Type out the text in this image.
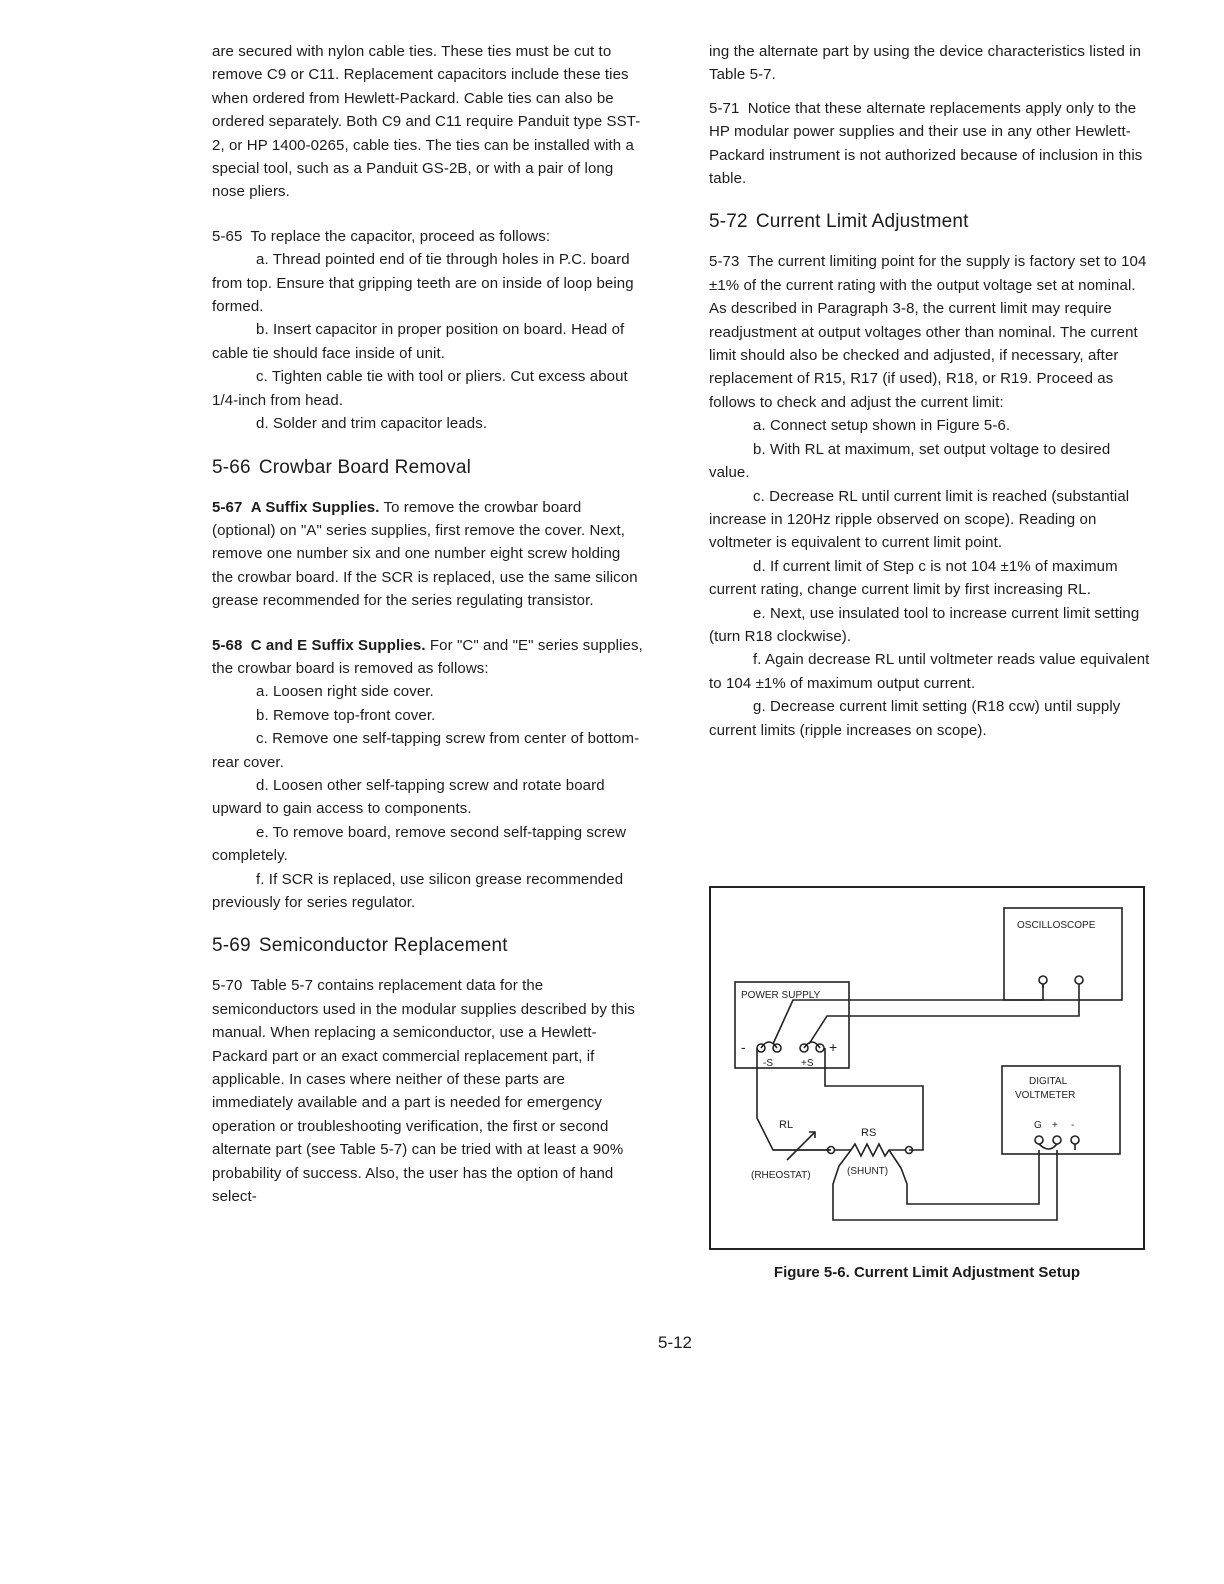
are secured with nylon cable ties. These ties must be cut to remove C9 or C11. Replacement capacitors include these ties when ordered from Hewlett-Packard. Cable ties can also be ordered separately. Both C9 and C11 require Panduit type SST-2, or HP 1400-0265, cable ties. The ties can be installed with a special tool, such as a Panduit GS-2B, or with a pair of long nose pliers.

5-65 To replace the capacitor, proceed as follows:

a. Thread pointed end of tie through holes in P.C. board from top. Ensure that gripping teeth are on inside of loop being formed.

b. Insert capacitor in proper position on board. Head of cable tie should face inside of unit.

c. Tighten cable tie with tool or pliers. Cut excess about 1/4-inch from head.

d. Solder and trim capacitor leads.

5-66 Crowbar Board Removal

5-67 A Suffix Supplies. To remove the crowbar board (optional) on "A" series supplies, first remove the cover. Next, remove one number six and one number eight screw holding the crowbar board. If the SCR is replaced, use the same silicon grease recommended for the series regulating transistor.

5-68 C and E Suffix Supplies. For "C" and "E" series supplies, the crowbar board is removed as follows:

a. Loosen right side cover.

b. Remove top-front cover.

c. Remove one self-tapping screw from center of bottom-rear cover.

d. Loosen other self-tapping screw and rotate board upward to gain access to components.

e. To remove board, remove second self-tapping screw completely.

f. If SCR is replaced, use silicon grease recommended previously for series regulator.

5-69 Semiconductor Replacement

5-70 Table 5-7 contains replacement data for the semiconductors used in the modular supplies described by this manual. When replacing a semiconductor, use a Hewlett-Packard part or an exact commercial replacement part, if applicable. In cases where neither of these parts are immediately available and a part is needed for emergency operation or troubleshooting verification, the first or second alternate part (see Table 5-7) can be tried with at least a 90% probability of success. Also, the user has the option of hand select-

ing the alternate part by using the device characteristics listed in Table 5-7.

5-71 Notice that these alternate replacements apply only to the HP modular power supplies and their use in any other Hewlett-Packard instrument is not authorized because of inclusion in this table.

5-72 Current Limit Adjustment

5-73 The current limiting point for the supply is factory set to 104 ±1% of the current rating with the output voltage set at nominal. As described in Paragraph 3-8, the current limit may require readjustment at output voltages other than nominal. The current limit should also be checked and adjusted, if necessary, after replacement of R15, R17 (if used), R18, or R19. Proceed as follows to check and adjust the current limit:

a. Connect setup shown in Figure 5-6.

b. With RL at maximum, set output voltage to desired value.

c. Decrease RL until current limit is reached (substantial increase in 120Hz ripple observed on scope). Reading on voltmeter is equivalent to current limit point.

d. If current limit of Step c is not 104 ±1% of maximum current rating, change current limit by first increasing RL.

e. Next, use insulated tool to increase current limit setting (turn R18 clockwise).

f. Again decrease RL until voltmeter reads value equivalent to 104 ±1% of maximum output current.

g. Decrease current limit setting (R18 ccw) until supply current limits (ripple increases on scope).

OSCILLOSCOPE
POWER SUPPLY
-	+
-S	+S
DIGITAL
VOLTMETER
G + -
RL
RS
(RHEOSTAT)	(SHUNT)
Figure 5-6. Current Limit Adjustment Setup
5-12
